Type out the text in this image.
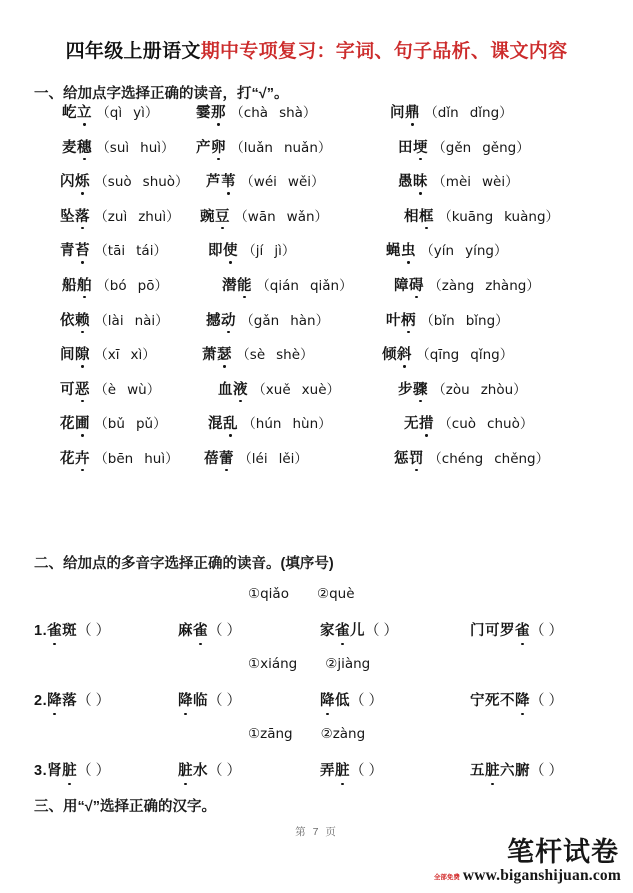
四年级上册语文期中专项复习：字词、句子品析、课文内容
一、给加点字选择正确的读音，打“√”。
屹立 （qì yì）	霎那 （chà shà）	问鼎 （dǐn dǐng）
麦穗 （suì huì） 产卵 （luǎn nuǎn）	田埂 （gěn gěng）
闪烁 （suò shuò） 芦苇 （wéi wěi）	愚昧 （mèi wèi）
坠落 （zuì zhuì） 豌豆 （wān wǎn）	相框 （kuāng kuàng）
青苔 （tāi tái）	即使 （jí jì）	蝇虫 （yín yíng）
船舶 （bó pō）	潜能 （qián qiǎn）	障碍 （zàng zhàng）
依赖 （lài nài）	撼动 （gǎn hàn）	叶柄 （bǐn bǐng）
间隙 （xī xì）	萧瑟 （sè shè）	倾斜 （qīng qǐng）
可恶 （è wù）	血液 （xuě xuè）	步骤 （zòu zhòu）
花圃 （bǔ pǔ）	混乱 （hún hùn）	无措 （cuò chuò）
花卉 （bēn huì） 蓓蕾 （léi lěi）	惩罚 （chéng chěng）
二、给加点的多音字选择正确的读音。(填序号)
①qiǎo ②què
1.雀斑（ ）	麻雀（ ）	家雀儿（ ）	门可罗雀（ ）
①xiáng ②jiàng
2.降落（ ）	降临（ ）	降低（ ）	宁死不降（ ）
①zāng ②zàng
3.肾脏（ ）	脏水（ ）	弄脏（ ）	五脏六腑（ ）
三、用“√”选择正确的汉字。
第 7 页
笔杆试卷
全部免费 www.biganshijuan.com
